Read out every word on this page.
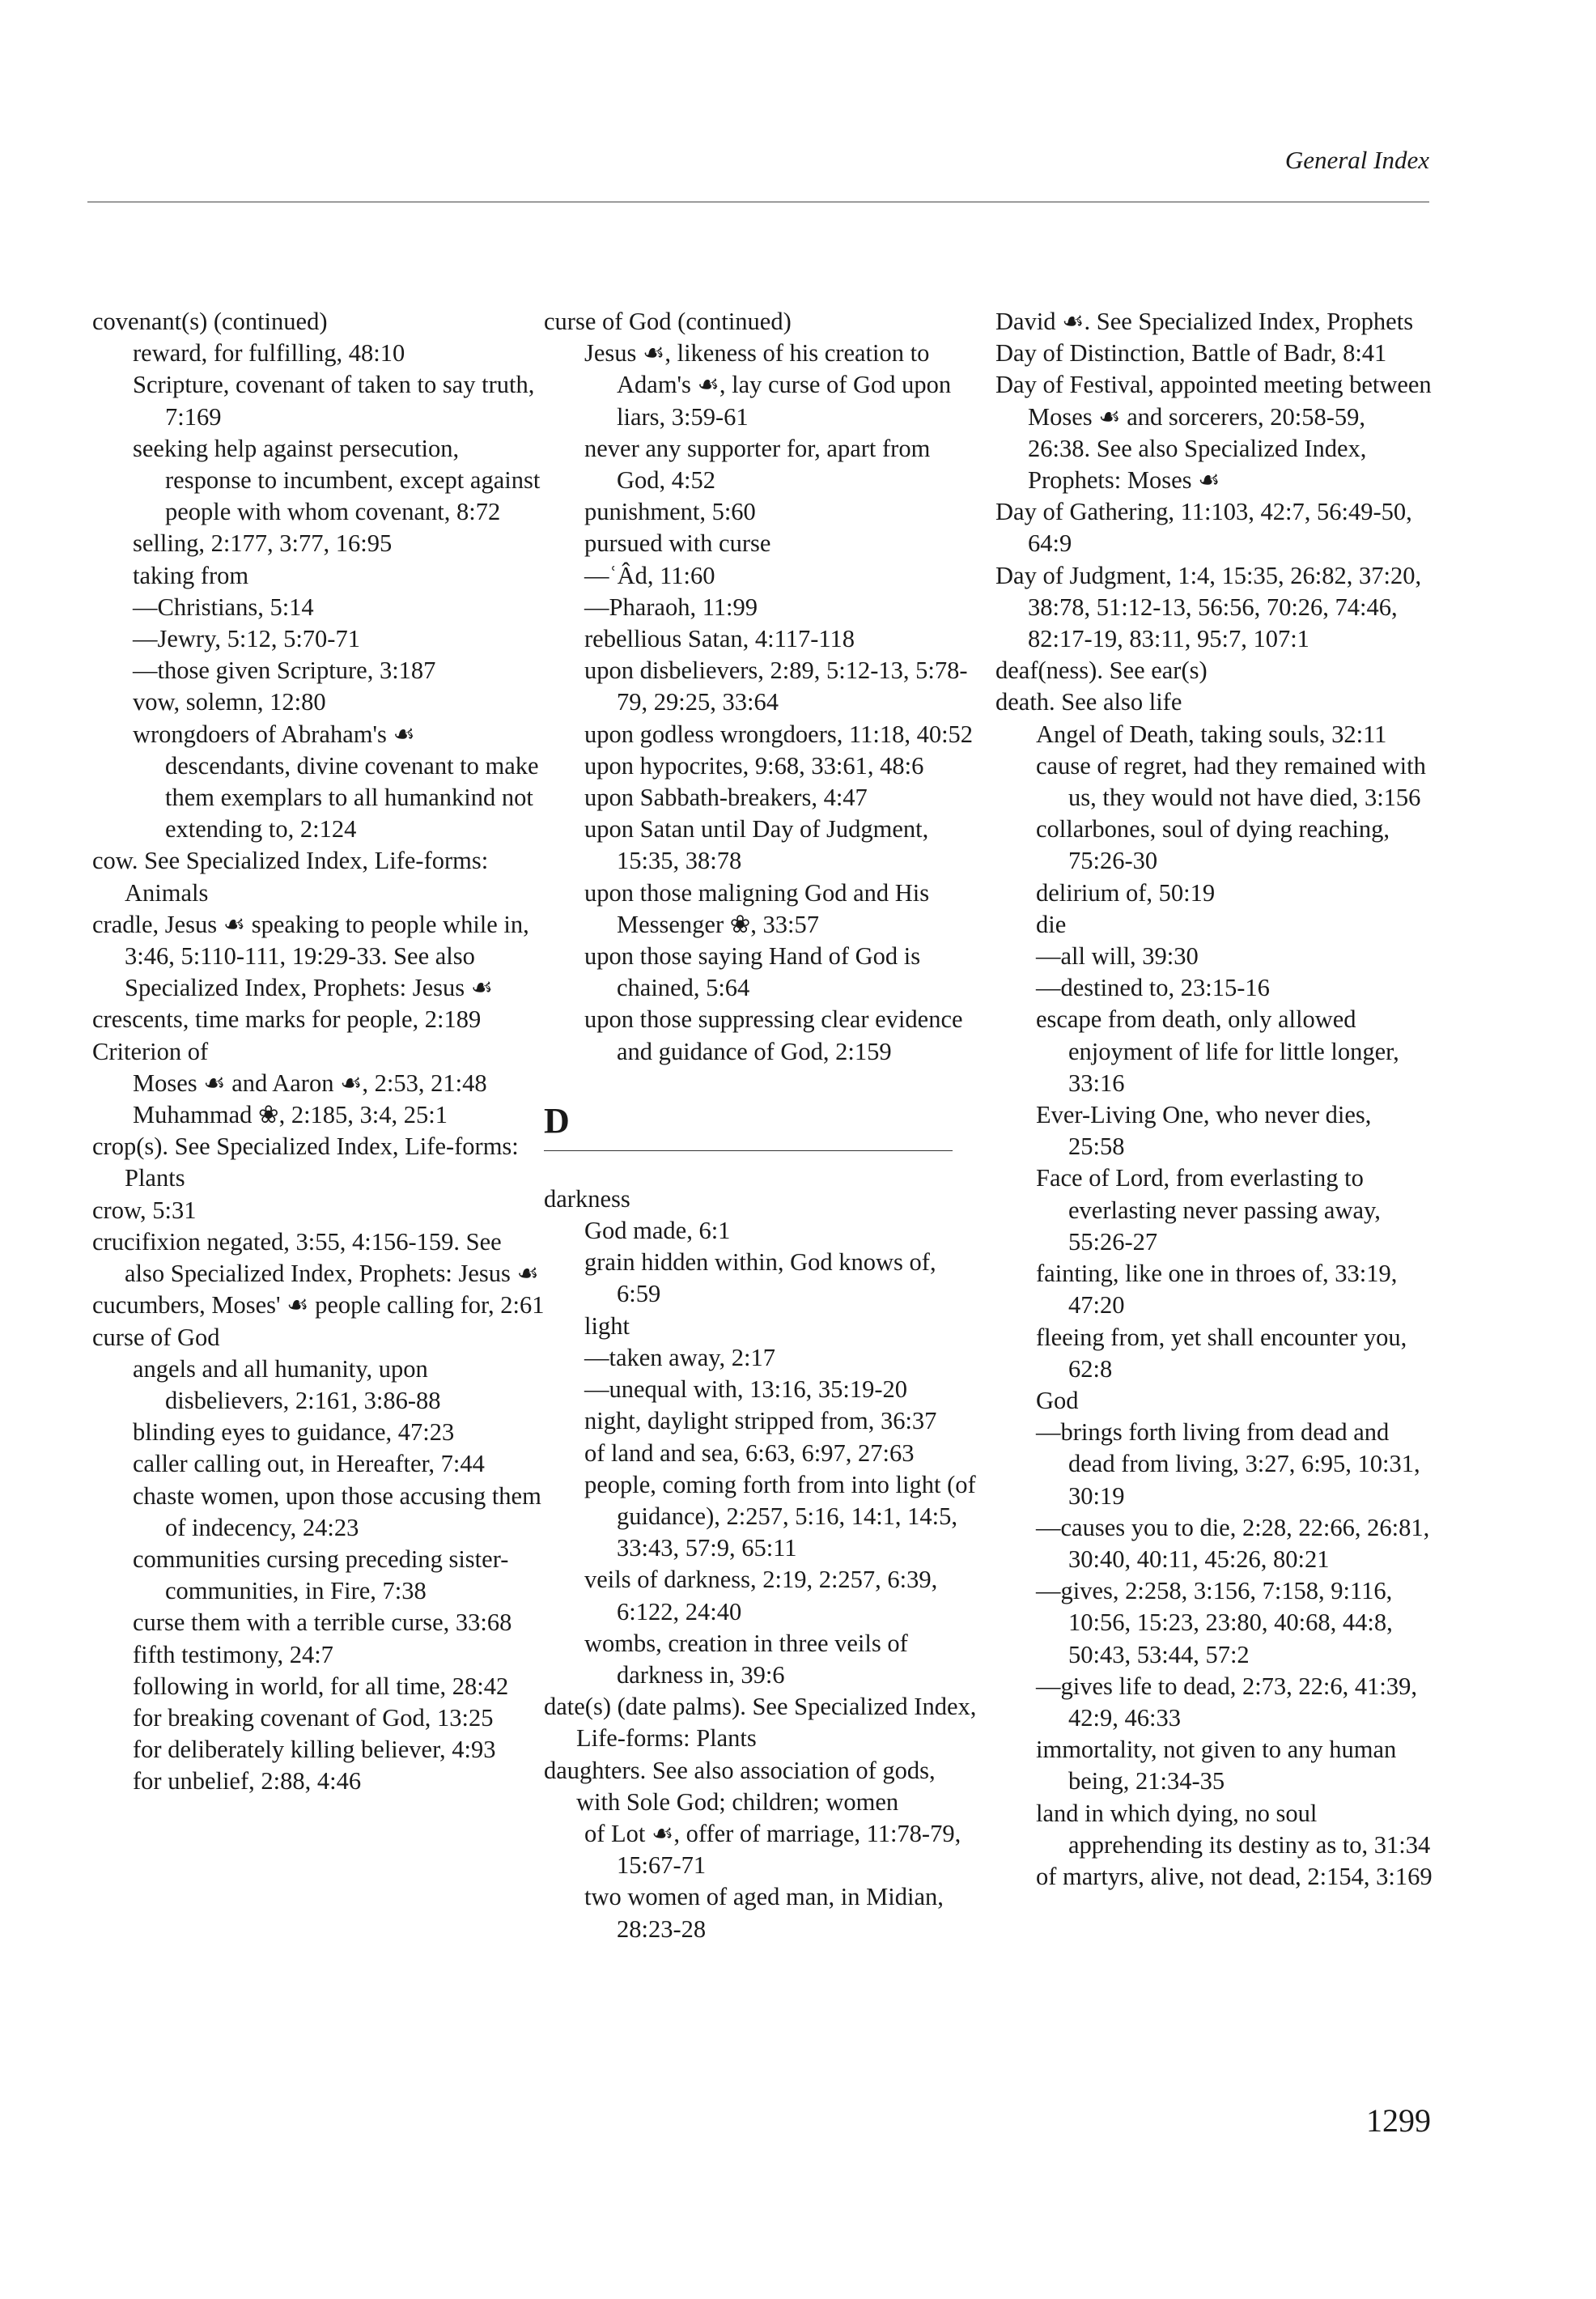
General Index
covenant(s) (continued)
reward, for fulfilling, 48:10
Scripture, covenant of taken to say truth, 7:169
seeking help against persecution, response to incumbent, except against people with whom covenant, 8:72
selling, 2:177, 3:77, 16:95
taking from
—Christians, 5:14
—Jewry, 5:12, 5:70-71
—those given Scripture, 3:187
vow, solemn, 12:80
wrongdoers of Abraham's ☙ descendants, divine covenant to make them exemplars to all humankind not extending to, 2:124
cow. See Specialized Index, Life-forms: Animals
cradle, Jesus ☙ speaking to people while in, 3:46, 5:110-111, 19:29-33. See also Specialized Index, Prophets: Jesus ☙
crescents, time marks for people, 2:189
Criterion of
Moses ☙ and Aaron ☙, 2:53, 21:48
Muhammad ❀, 2:185, 3:4, 25:1
crop(s). See Specialized Index, Life-forms: Plants
crow, 5:31
crucifixion negated, 3:55, 4:156-159. See also Specialized Index, Prophets: Jesus ☙
cucumbers, Moses' ☙ people calling for, 2:61
curse of God
angels and all humanity, upon disbelievers, 2:161, 3:86-88
blinding eyes to guidance, 47:23
caller calling out, in Hereafter, 7:44
chaste women, upon those accusing them of indecency, 24:23
communities cursing preceding sister-communities, in Fire, 7:38
curse them with a terrible curse, 33:68
fifth testimony, 24:7
following in world, for all time, 28:42
for breaking covenant of God, 13:25
for deliberately killing believer, 4:93
for unbelief, 2:88, 4:46
curse of God (continued)
Jesus ☙, likeness of his creation to Adam's ☙, lay curse of God upon liars, 3:59-61
never any supporter for, apart from God, 4:52
punishment, 5:60
pursued with curse
—ʿÂd, 11:60
—Pharaoh, 11:99
rebellious Satan, 4:117-118
upon disbelievers, 2:89, 5:12-13, 5:78-79, 29:25, 33:64
upon godless wrongdoers, 11:18, 40:52
upon hypocrites, 9:68, 33:61, 48:6
upon Sabbath-breakers, 4:47
upon Satan until Day of Judgment, 15:35, 38:78
upon those maligning God and His Messenger ❀, 33:57
upon those saying Hand of God is chained, 5:64
upon those suppressing clear evidence and guidance of God, 2:159
D
darkness
God made, 6:1
grain hidden within, God knows of, 6:59
light
—taken away, 2:17
—unequal with, 13:16, 35:19-20
night, daylight stripped from, 36:37
of land and sea, 6:63, 6:97, 27:63
people, coming forth from into light (of guidance), 2:257, 5:16, 14:1, 14:5, 33:43, 57:9, 65:11
veils of darkness, 2:19, 2:257, 6:39, 6:122, 24:40
wombs, creation in three veils of darkness in, 39:6
date(s) (date palms). See Specialized Index, Life-forms: Plants
daughters. See also association of gods, with Sole God; children; women
of Lot ☙, offer of marriage, 11:78-79, 15:67-71
two women of aged man, in Midian, 28:23-28
David ☙. See Specialized Index, Prophets
Day of Distinction, Battle of Badr, 8:41
Day of Festival, appointed meeting between Moses ☙ and sorcerers, 20:58-59, 26:38. See also Specialized Index, Prophets: Moses ☙
Day of Gathering, 11:103, 42:7, 56:49-50, 64:9
Day of Judgment, 1:4, 15:35, 26:82, 37:20, 38:78, 51:12-13, 56:56, 70:26, 74:46, 82:17-19, 83:11, 95:7, 107:1
deaf(ness). See ear(s)
death. See also life
Angel of Death, taking souls, 32:11
cause of regret, had they remained with us, they would not have died, 3:156
collarbones, soul of dying reaching, 75:26-30
delirium of, 50:19
die
—all will, 39:30
—destined to, 23:15-16
escape from death, only allowed enjoyment of life for little longer, 33:16
Ever-Living One, who never dies, 25:58
Face of Lord, from everlasting to everlasting never passing away, 55:26-27
fainting, like one in throes of, 33:19, 47:20
fleeing from, yet shall encounter you, 62:8
God
—brings forth living from dead and dead from living, 3:27, 6:95, 10:31, 30:19
—causes you to die, 2:28, 22:66, 26:81, 30:40, 40:11, 45:26, 80:21
—gives, 2:258, 3:156, 7:158, 9:116, 10:56, 15:23, 23:80, 40:68, 44:8, 50:43, 53:44, 57:2
—gives life to dead, 2:73, 22:6, 41:39, 42:9, 46:33
immortality, not given to any human being, 21:34-35
land in which dying, no soul apprehending its destiny as to, 31:34
of martyrs, alive, not dead, 2:154, 3:169
1299
